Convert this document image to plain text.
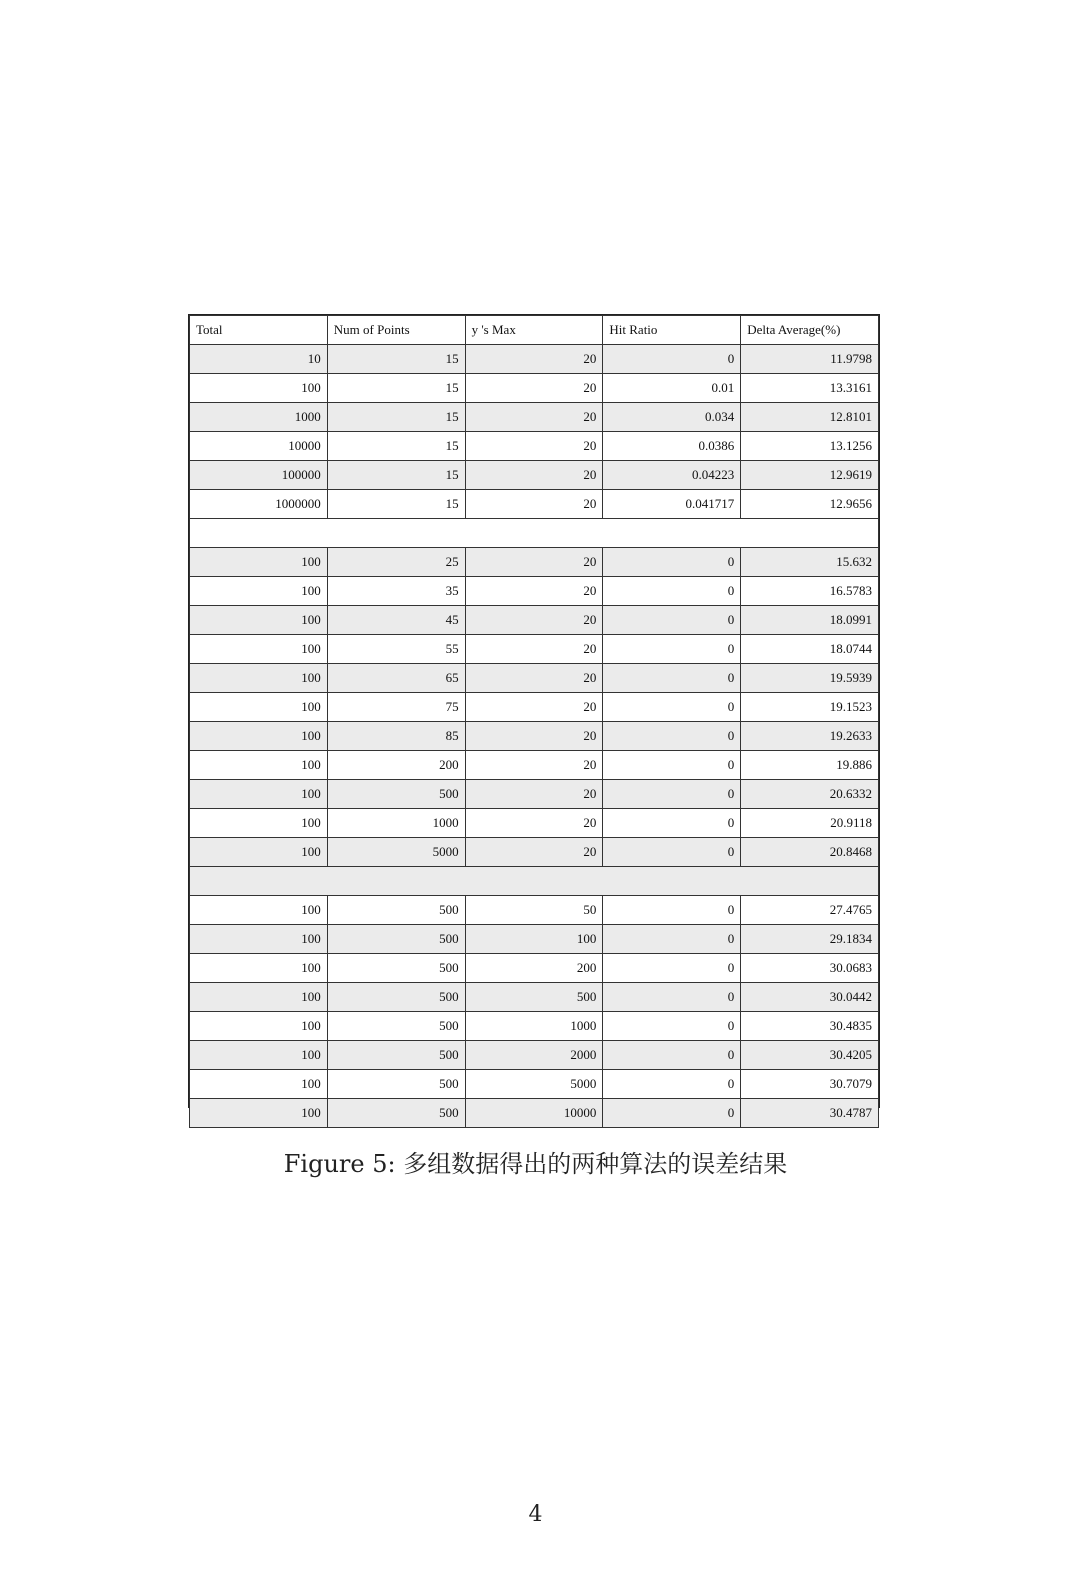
Total	Num of Points	y 's Max	Hit Ratio	Delta Average(%)
10	15	20	0	11.9798
100	15	20	0.01	13.3161
1000	15	20	0.034	12.8101
10000	15	20	0.0386	13.1256
100000	15	20	0.04223	12.9619
1000000	15	20	0.041717	12.9656

100	25	20	0	15.632
100	35	20	0	16.5783
100	45	20	0	18.0991
100	55	20	0	18.0744
100	65	20	0	19.5939
100	75	20	0	19.1523
100	85	20	0	19.2633
100	200	20	0	19.886
100	500	20	0	20.6332
100	1000	20	0	20.9118
100	5000	20	0	20.8468

100	500	50	0	27.4765
100	500	100	0	29.1834
100	500	200	0	30.0683
100	500	500	0	30.0442
100	500	1000	0	30.4835
100	500	2000	0	30.4205
100	500	5000	0	30.7079
100	500	10000	0	30.4787
Figure 5: 多组数据得出的两种算法的误差结果
4
